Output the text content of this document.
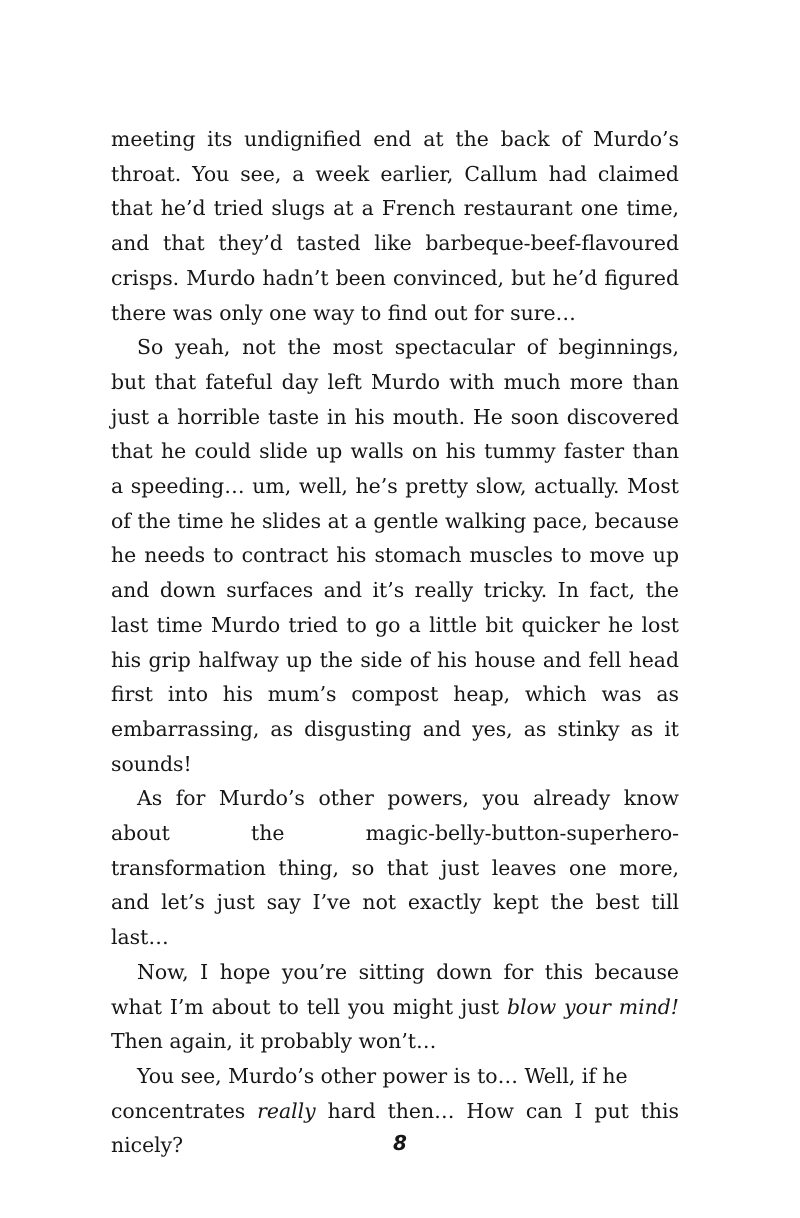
meeting its undignified end at the back of Murdo’s throat. You see, a week earlier, Callum had claimed that he’d tried slugs at a French restaurant one time, and that they’d tasted like barbeque-beef-flavoured crisps. Murdo hadn’t been convinced, but he’d figured there was only one way to find out for sure…

So yeah, not the most spectacular of beginnings, but that fateful day left Murdo with much more than just a horrible taste in his mouth. He soon discovered that he could slide up walls on his tummy faster than a speeding… um, well, he’s pretty slow, actually. Most of the time he slides at a gentle walking pace, because he needs to contract his stomach muscles to move up and down surfaces and it’s really tricky. In fact, the last time Murdo tried to go a little bit quicker he lost his grip halfway up the side of his house and fell head first into his mum’s compost heap, which was as embarrassing, as disgusting and yes, as stinky as it sounds!

As for Murdo’s other powers, you already know about the magic-belly-button-superhero-transformation thing, so that just leaves one more, and let’s just say I’ve not exactly kept the best till last…

Now, I hope you’re sitting down for this because what I’m about to tell you might just blow your mind! Then again, it probably won’t…

You see, Murdo’s other power is to… Well, if he

concentrates really hard then… How can I put this nicely?	8
